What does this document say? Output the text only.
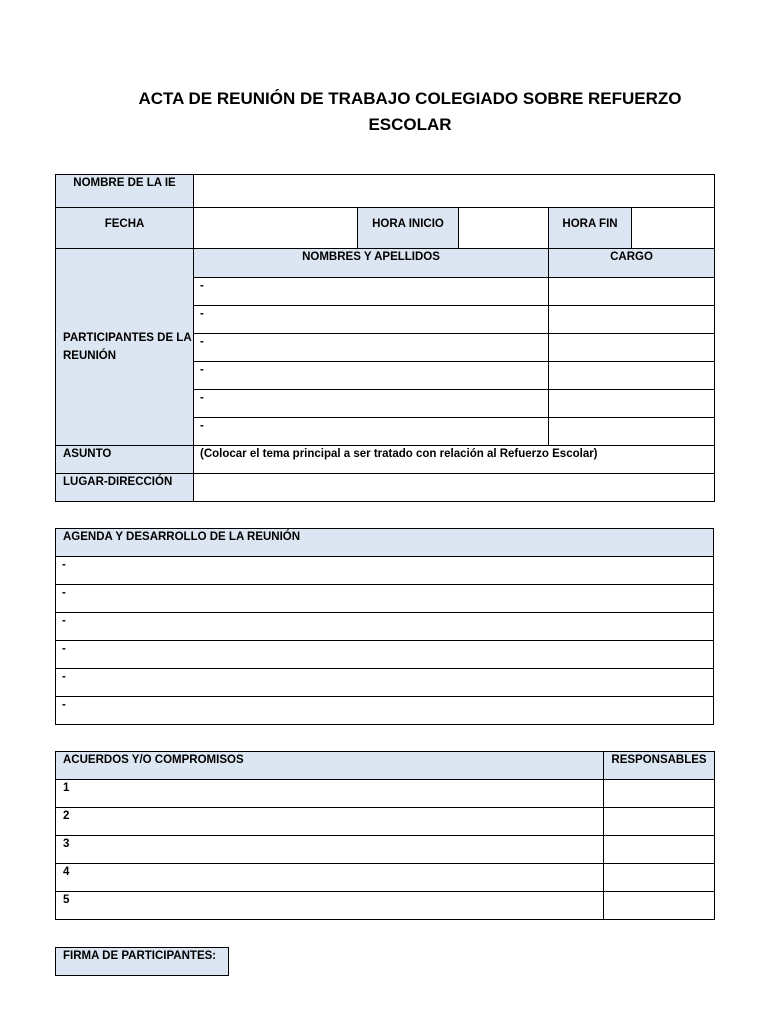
ACTA DE REUNIÓN DE TRABAJO COLEGIADO SOBRE REFUERZO
ESCOLAR
NOMBRE DE LA IE					
FECHA		HORA INICIO		HORA FIN	
PARTICIPANTES DE LA REUNIÓN	NOMBRES Y APELLIDOS			CARGO	
	-				
	-				
	-				
	-				
	-				
	-				
ASUNTO	(Colocar el tema principal a ser tratado con relación al Refuerzo Escolar)				
LUGAR-DIRECCIÓN					
AGENDA Y DESARROLLO DE LA REUNIÓN
-
-
-
-
-
-
ACUERDOS Y/O COMPROMISOS	RESPONSABLES
1	
2	
3	
4	
5	
FIRMA DE PARTICIPANTES:
